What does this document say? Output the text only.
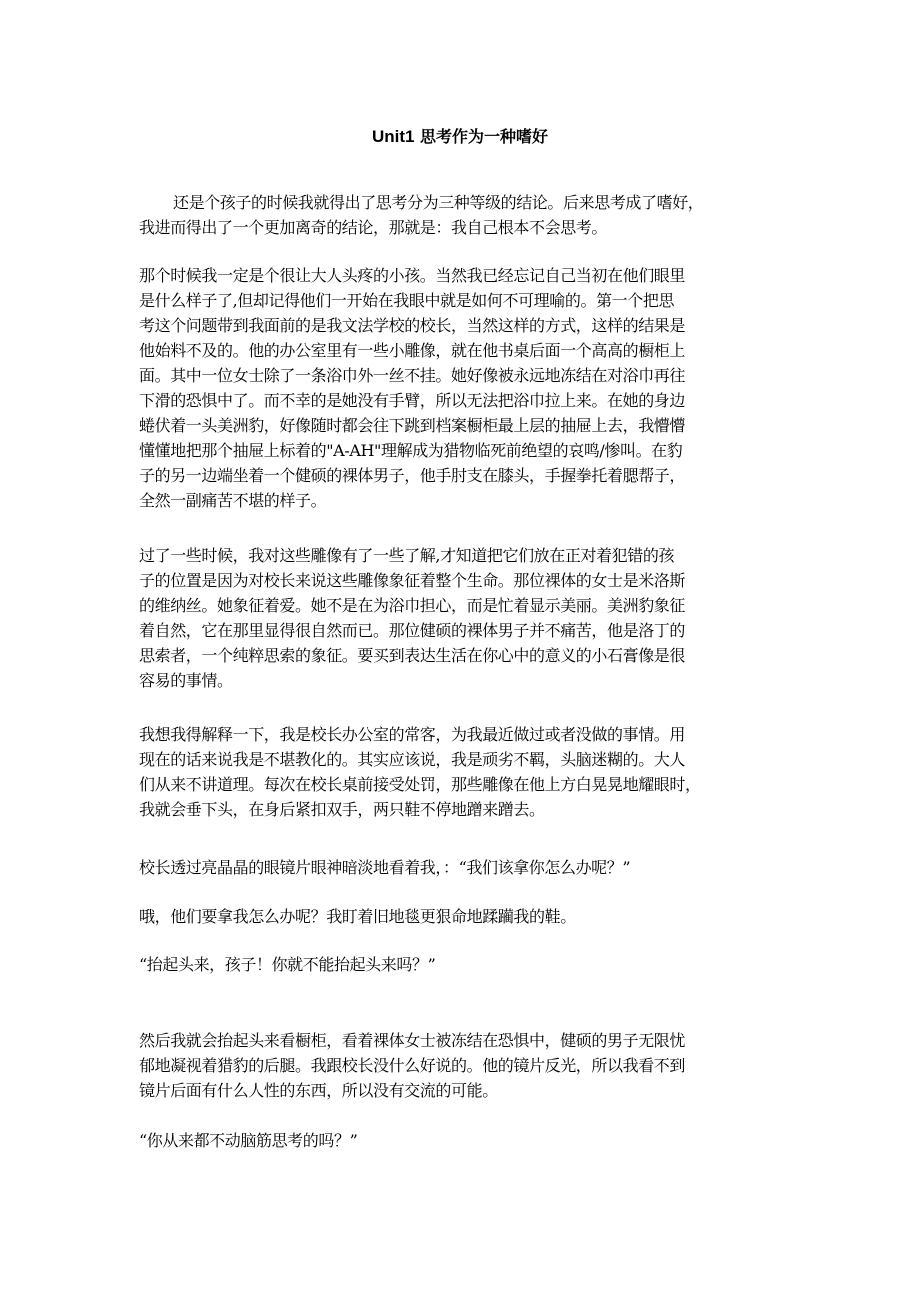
Unit1 思考作为一种嗜好

还是个孩子的时候我就得出了思考分为三种等级的结论。后来思考成了嗜好，
我进而得出了一个更加离奇的结论，那就是：我自己根本不会思考。

那个时候我一定是个很让大人头疼的小孩。当然我已经忘记自己当初在他们眼里
是什么样子了,但却记得他们一开始在我眼中就是如何不可理喻的。第一个把思
考这个问题带到我面前的是我文法学校的校长，当然这样的方式，这样的结果是
他始料不及的。他的办公室里有一些小雕像，就在他书桌后面一个高高的橱柜上
面。其中一位女士除了一条浴巾外一丝不挂。她好像被永远地冻结在对浴巾再往
下滑的恐惧中了。而不幸的是她没有手臂，所以无法把浴巾拉上来。在她的身边
蜷伏着一头美洲豹，好像随时都会往下跳到档案橱柜最上层的抽屉上去，我懵懵
懂懂地把那个抽屉上标着的"A-AH"理解成为猎物临死前绝望的哀鸣/惨叫。在豹
子的另一边端坐着一个健硕的裸体男子，他手肘支在膝头，手握拳托着腮帮子，
全然一副痛苦不堪的样子。

过了一些时候，我对这些雕像有了一些了解,才知道把它们放在正对着犯错的孩
子的位置是因为对校长来说这些雕像象征着整个生命。那位裸体的女士是米洛斯
的维纳丝。她象征着爱。她不是在为浴巾担心，而是忙着显示美丽。美洲豹象征
着自然，它在那里显得很自然而已。那位健硕的裸体男子并不痛苦，他是洛丁的
思索者，一个纯粹思索的象征。要买到表达生活在你心中的意义的小石膏像是很
容易的事情。

我想我得解释一下，我是校长办公室的常客，为我最近做过或者没做的事情。用
现在的话来说我是不堪教化的。其实应该说，我是顽劣不羁，头脑迷糊的。大人
们从来不讲道理。每次在校长桌前接受处罚，那些雕像在他上方白晃晃地耀眼时，
我就会垂下头，在身后紧扣双手，两只鞋不停地蹭来蹭去。

校长透过亮晶晶的眼镜片眼神暗淡地看着我，：“我们该拿你怎么办呢？”

哦，他们要拿我怎么办呢？我盯着旧地毯更狠命地蹂躏我的鞋。

“抬起头来，孩子！你就不能抬起头来吗？”

然后我就会抬起头来看橱柜，看着裸体女士被冻结在恐惧中，健硕的男子无限忧
郁地凝视着猎豹的后腿。我跟校长没什么好说的。他的镜片反光，所以我看不到
镜片后面有什么人性的东西，所以没有交流的可能。

“你从来都不动脑筋思考的吗？”
